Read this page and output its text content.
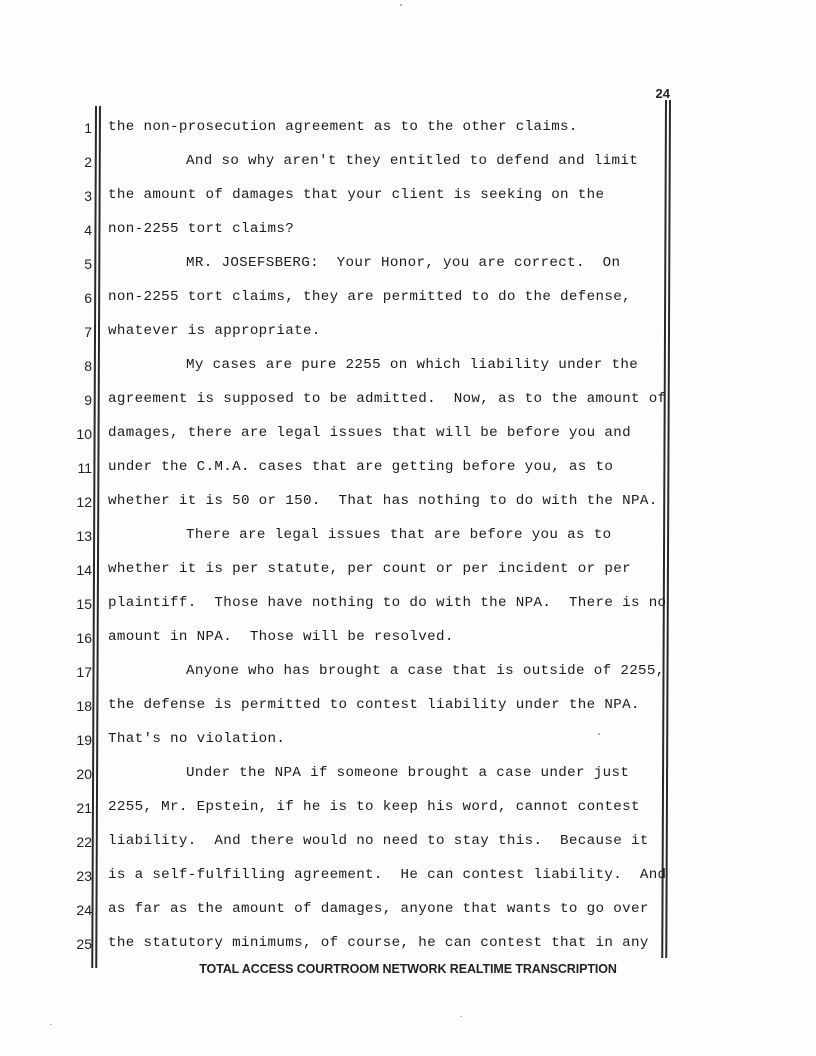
24
1 the non-prosecution agreement as to the other claims.
2	And so why aren't they entitled to defend and limit
3 the amount of damages that your client is seeking on the
4 non-2255 tort claims?
5	MR. JOSEFSBERG:  Your Honor, you are correct.  On
6 non-2255 tort claims, they are permitted to do the defense,
7 whatever is appropriate.
8	My cases are pure 2255 on which liability under the
9 agreement is supposed to be admitted.  Now, as to the amount of
10 damages, there are legal issues that will be before you and
11 under the C.M.A. cases that are getting before you, as to
12 whether it is 50 or 150.  That has nothing to do with the NPA.
13	There are legal issues that are before you as to
14 whether it is per statute, per count or per incident or per
15 plaintiff.  Those have nothing to do with the NPA.  There is no
16 amount in NPA.  Those will be resolved.
17	Anyone who has brought a case that is outside of 2255,
18 the defense is permitted to contest liability under the NPA.
19 That's no violation.
20	Under the NPA if someone brought a case under just
21 2255, Mr. Epstein, if he is to keep his word, cannot contest
22 liability.  And there would no need to stay this.  Because it
23 is a self-fulfilling agreement.  He can contest liability.  And
24 as far as the amount of damages, anyone that wants to go over
25 the statutory minimums, of course, he can contest that in any
TOTAL ACCESS COURTROOM NETWORK REALTIME TRANSCRIPTION
